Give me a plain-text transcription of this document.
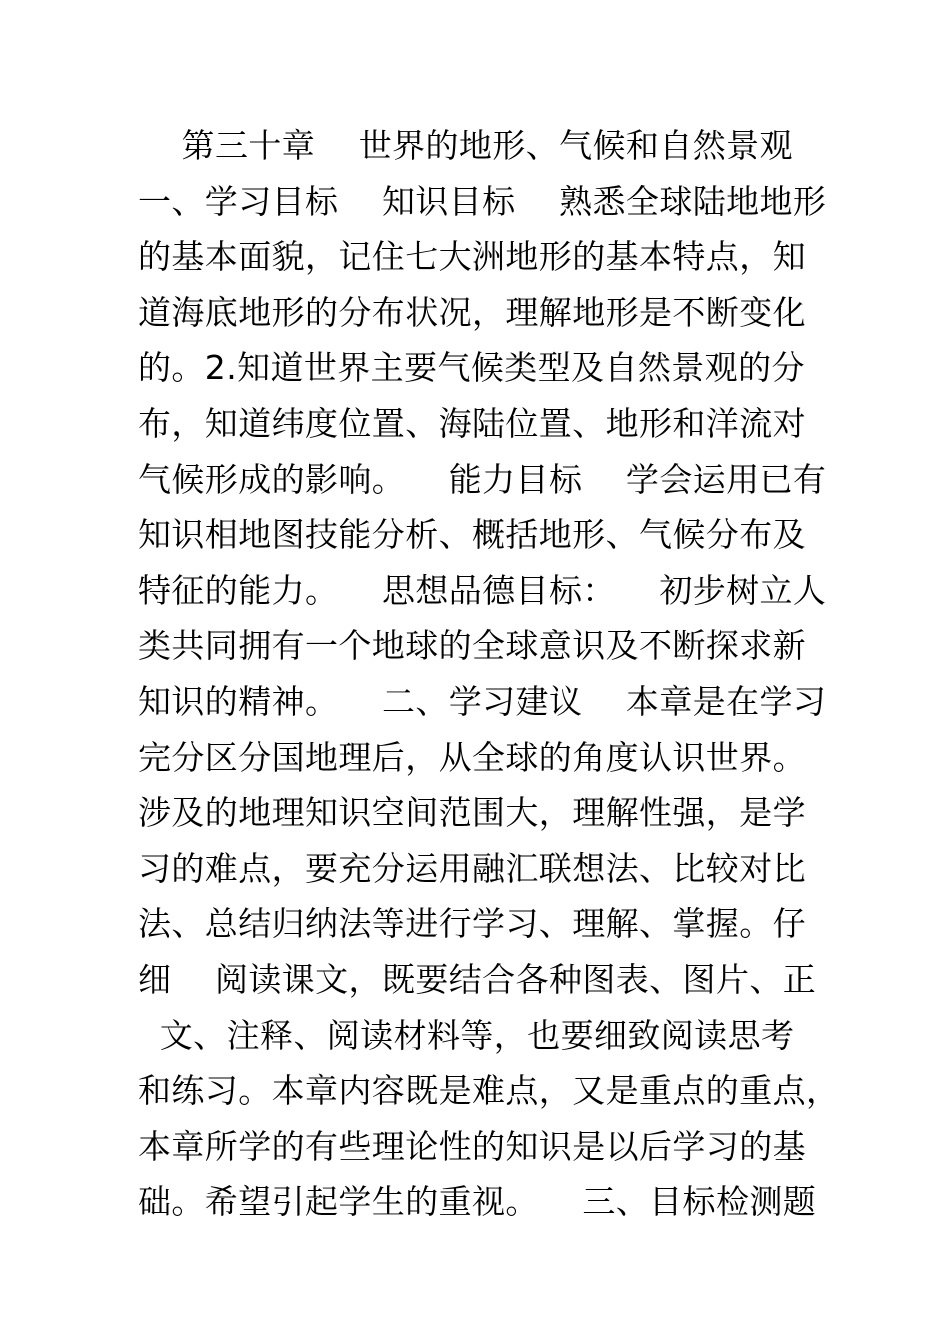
第三十章    世界的地形、气候和自然景观
一、学习目标    知识目标    熟悉全球陆地地形
的基本面貌，记住七大洲地形的基本特点，知
道海底地形的分布状况，理解地形是不断变化
的。2.知道世界主要气候类型及自然景观的分
布，知道纬度位置、海陆位置、地形和洋流对
气候形成的影响。    能力目标    学会运用已有
知识相地图技能分析、概括地形、气候分布及
特征的能力。    思想品德目标：    初步树立人
类共同拥有一个地球的全球意识及不断探求新
知识的精神。    二、学习建议    本章是在学习
完分区分国地理后，从全球的角度认识世界。
涉及的地理知识空间范围大，理解性强，是学
习的难点，要充分运用融汇联想法、比较对比
法、总结归纳法等进行学习、理解、掌握。仔
细    阅读课文，既要结合各种图表、图片、正
文、注释、阅读材料等，也要细致阅读思考
和练习。本章内容既是难点，又是重点的重点，
本章所学的有些理论性的知识是以后学习的基
础。希望引起学生的重视。    三、目标检测题
